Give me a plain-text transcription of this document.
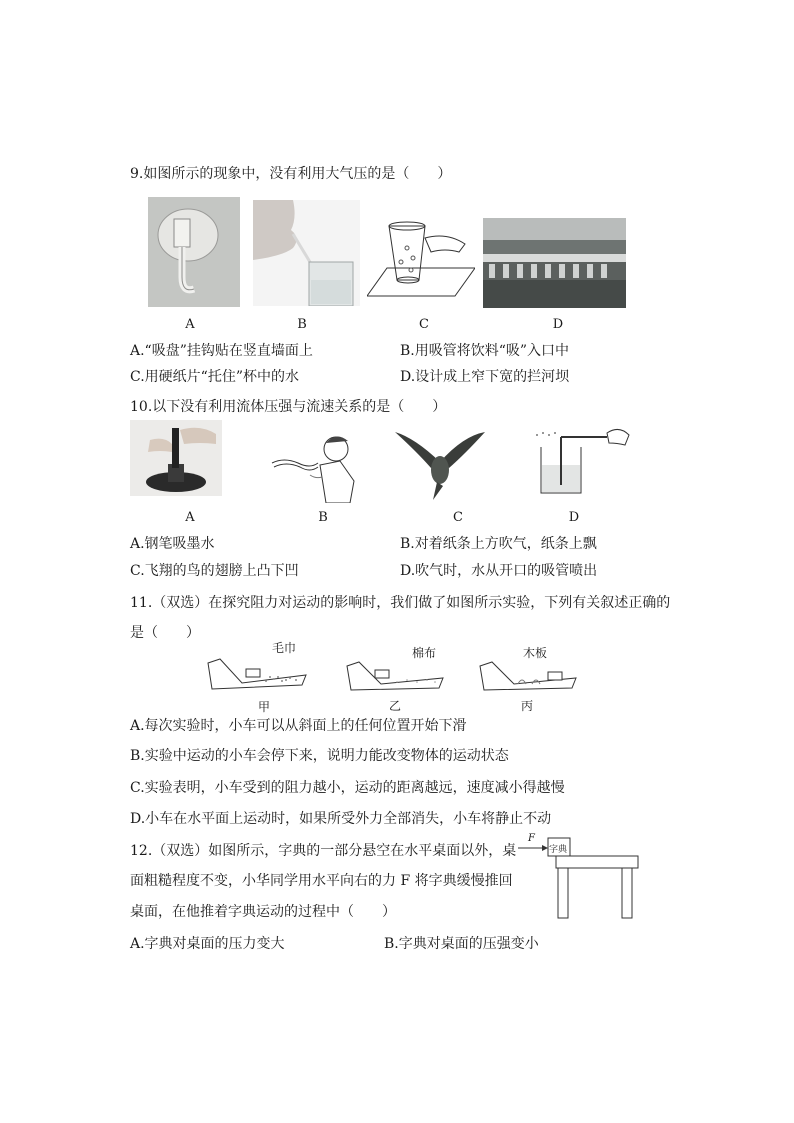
9.如图所示的现象中，没有利用大气压的是（　　）
A	B	C	D
A.“吸盘”挂钩贴在竖直墙面上	B.用吸管将饮料“吸”入口中
C.用硬纸片“托住”杯中的水	D.设计成上窄下宽的拦河坝
10.以下没有利用流体压强与流速关系的是（　　）
A	B	C	D
A.钢笔吸墨水	B.对着纸条上方吹气，纸条上飘
C.飞翔的鸟的翅膀上凸下凹	D.吹气时，水从开口的吸管喷出
11.（双选）在探究阻力对运动的影响时，我们做了如图所示实验，下列有关叙述正确的
是（　　）
毛巾	棉布	木板
甲	乙	丙
A.每次实验时，小车可以从斜面上的任何位置开始下滑
B.实验中运动的小车会停下来，说明力能改变物体的运动状态
C.实验表明，小车受到的阻力越小，运动的距离越远，速度减小得越慢
D.小车在水平面上运动时，如果所受外力全部消失，小车将静止不动
12.（双选）如图所示，字典的一部分悬空在水平桌面以外，桌
面粗糙程度不变，小华同学用水平向右的力 F 将字典缓慢推回
桌面，在他推着字典运动的过程中（　　）
F
字典
A.字典对桌面的压力变大	B.字典对桌面的压强变小
